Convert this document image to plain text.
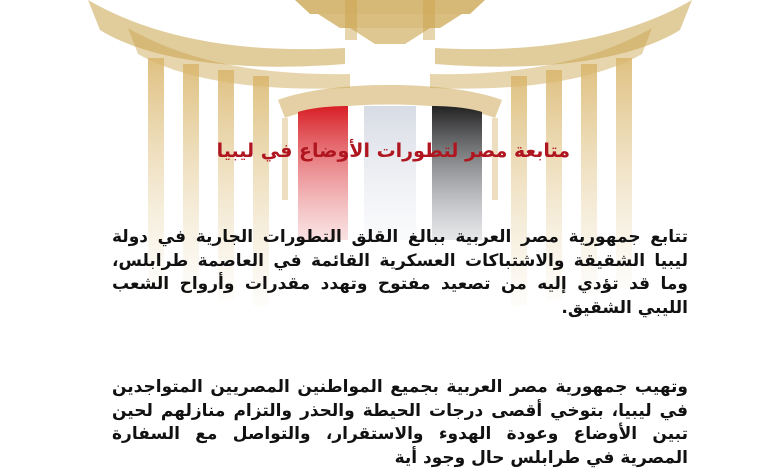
متابعة مصر لتطورات الأوضاع في ليبيا

تتابع جمهورية مصر العربية ببالغ القلق التطورات الجارية في دولة ليبيا الشقيقة والاشتباكات العسكرية القائمة في العاصمة طرابلس، وما قد تؤدي إليه من تصعيد مفتوح وتهدد مقدرات وأرواح الشعب الليبي الشقيق.

وتهيب جمهورية مصر العربية بجميع المواطنين المصريين المتواجدين في ليبيا، بتوخي أقصى درجات الحيطة والحذر والتزام منازلهم لحين تبين الأوضاع وعودة الهدوء والاستقرار، والتواصل مع السفارة المصرية في طرابلس حال وجود أية
